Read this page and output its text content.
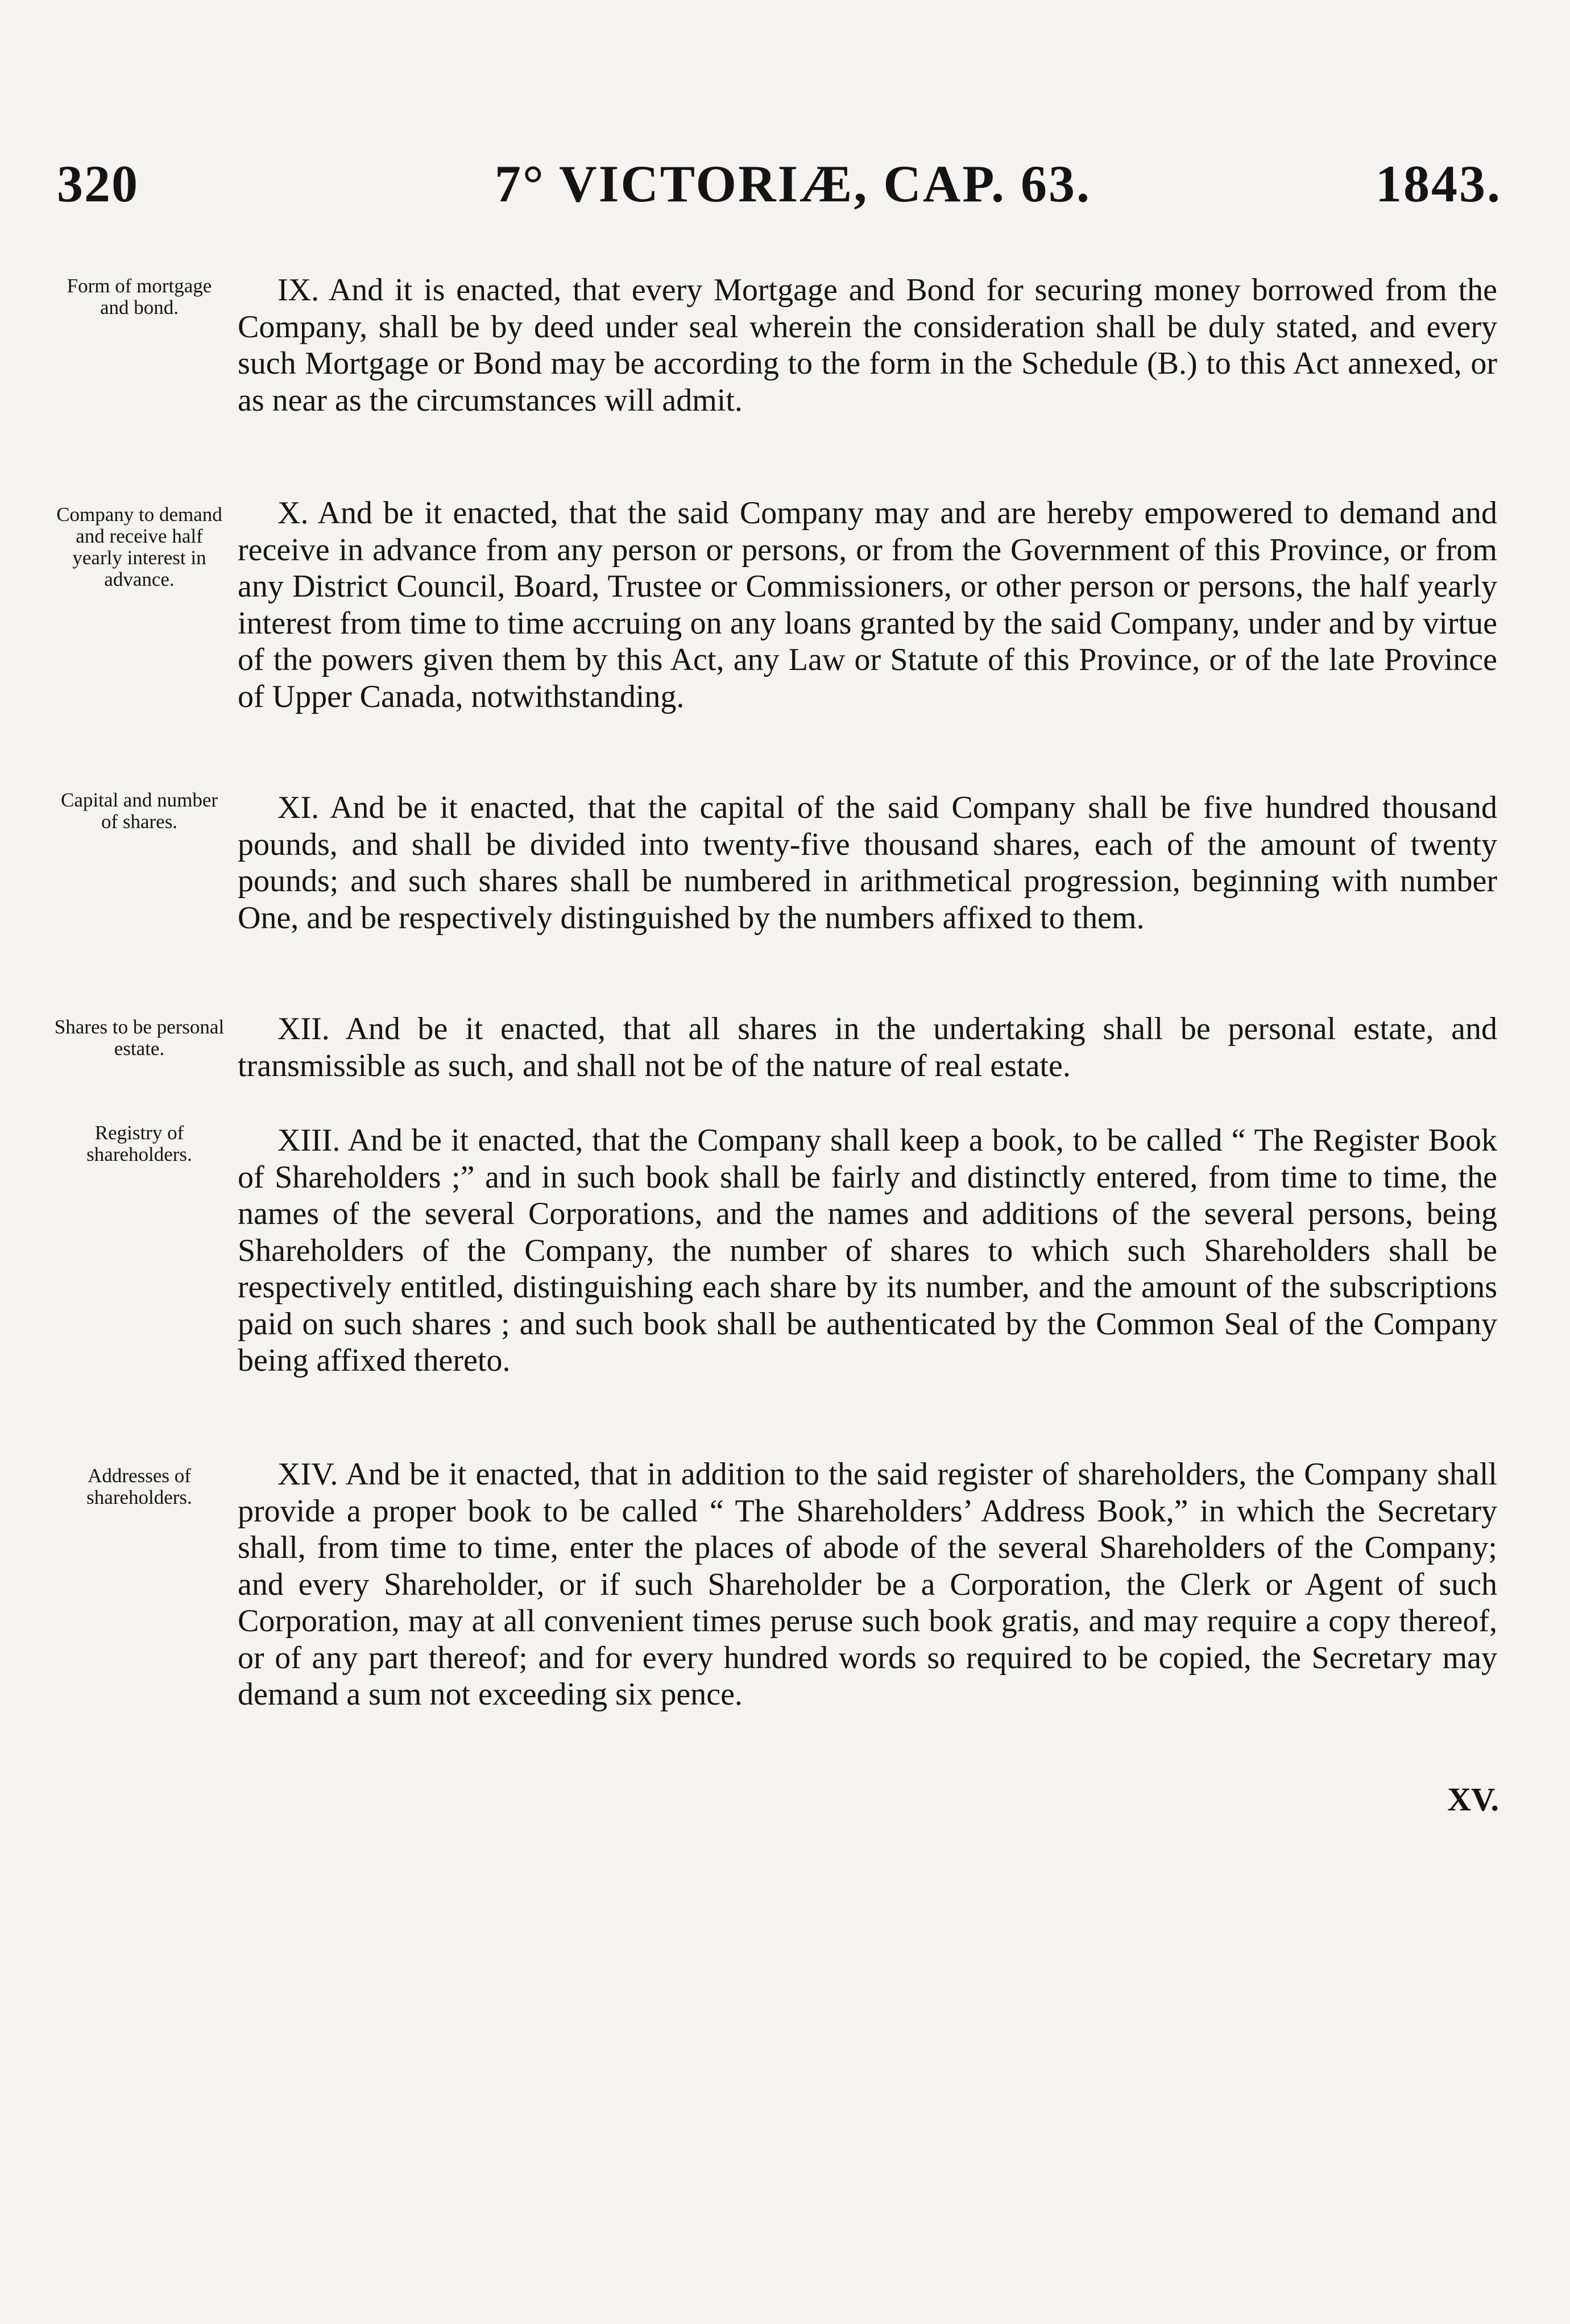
320	7° VICTORIÆ, CAP. 63.	1843.
Form of mortgage and bond.	IX. And it is enacted, that every Mortgage and Bond for securing money borrowed from the Company, shall be by deed under seal wherein the consideration shall be duly stated, and every such Mortgage or Bond may be according to the form in the Schedule (B.) to this Act annexed, or as near as the circumstances will admit.
Company to demand and receive half yearly interest in advance.
X. And be it enacted, that the said Company may and are hereby empowered to demand and receive in advance from any person or persons, or from the Government of this Province, or from any District Council, Board, Trustee or Commissioners, or other person or persons, the half yearly interest from time to time accruing on any loans granted by the said Company, under and by virtue of the powers given them by this Act, any Law or Statute of this Province, or of the late Province of Upper Canada, notwithstanding.
Capital and number of shares.	XI. And be it enacted, that the capital of the said Company shall be five hundred thousand pounds, and shall be divided into twenty-five thousand shares, each of the amount of twenty pounds; and such shares shall be numbered in arithmetical progression, beginning with number One, and be respectively distinguished by the numbers affixed to them.
Shares to be personal estate.
XII. And be it enacted, that all shares in the undertaking shall be personal estate, and transmissible as such, and shall not be of the nature of real estate.
Registry of shareholders.	XIII. And be it enacted, that the Company shall keep a book, to be called “ The Register Book of Shareholders ;” and in such book shall be fairly and distinctly entered, from time to time, the names of the several Corporations, and the names and additions of the several persons, being Shareholders of the Company, the number of shares to which such Shareholders shall be respectively entitled, distinguishing each share by its number, and the amount of the subscriptions paid on such shares ; and such book shall be authenticated by the Common Seal of the Company being affixed thereto.
Addresses of shareholders.
XIV. And be it enacted, that in addition to the said register of shareholders, the Company shall provide a proper book to be called “ The Shareholders’ Address Book,” in which the Secretary shall, from time to time, enter the places of abode of the several Shareholders of the Company; and every Shareholder, or if such Shareholder be a Corporation, the Clerk or Agent of such Corporation, may at all convenient times peruse such book gratis, and may require a copy thereof, or of any part thereof; and for every hundred words so required to be copied, the Secretary may demand a sum not exceeding six pence.
XV.
